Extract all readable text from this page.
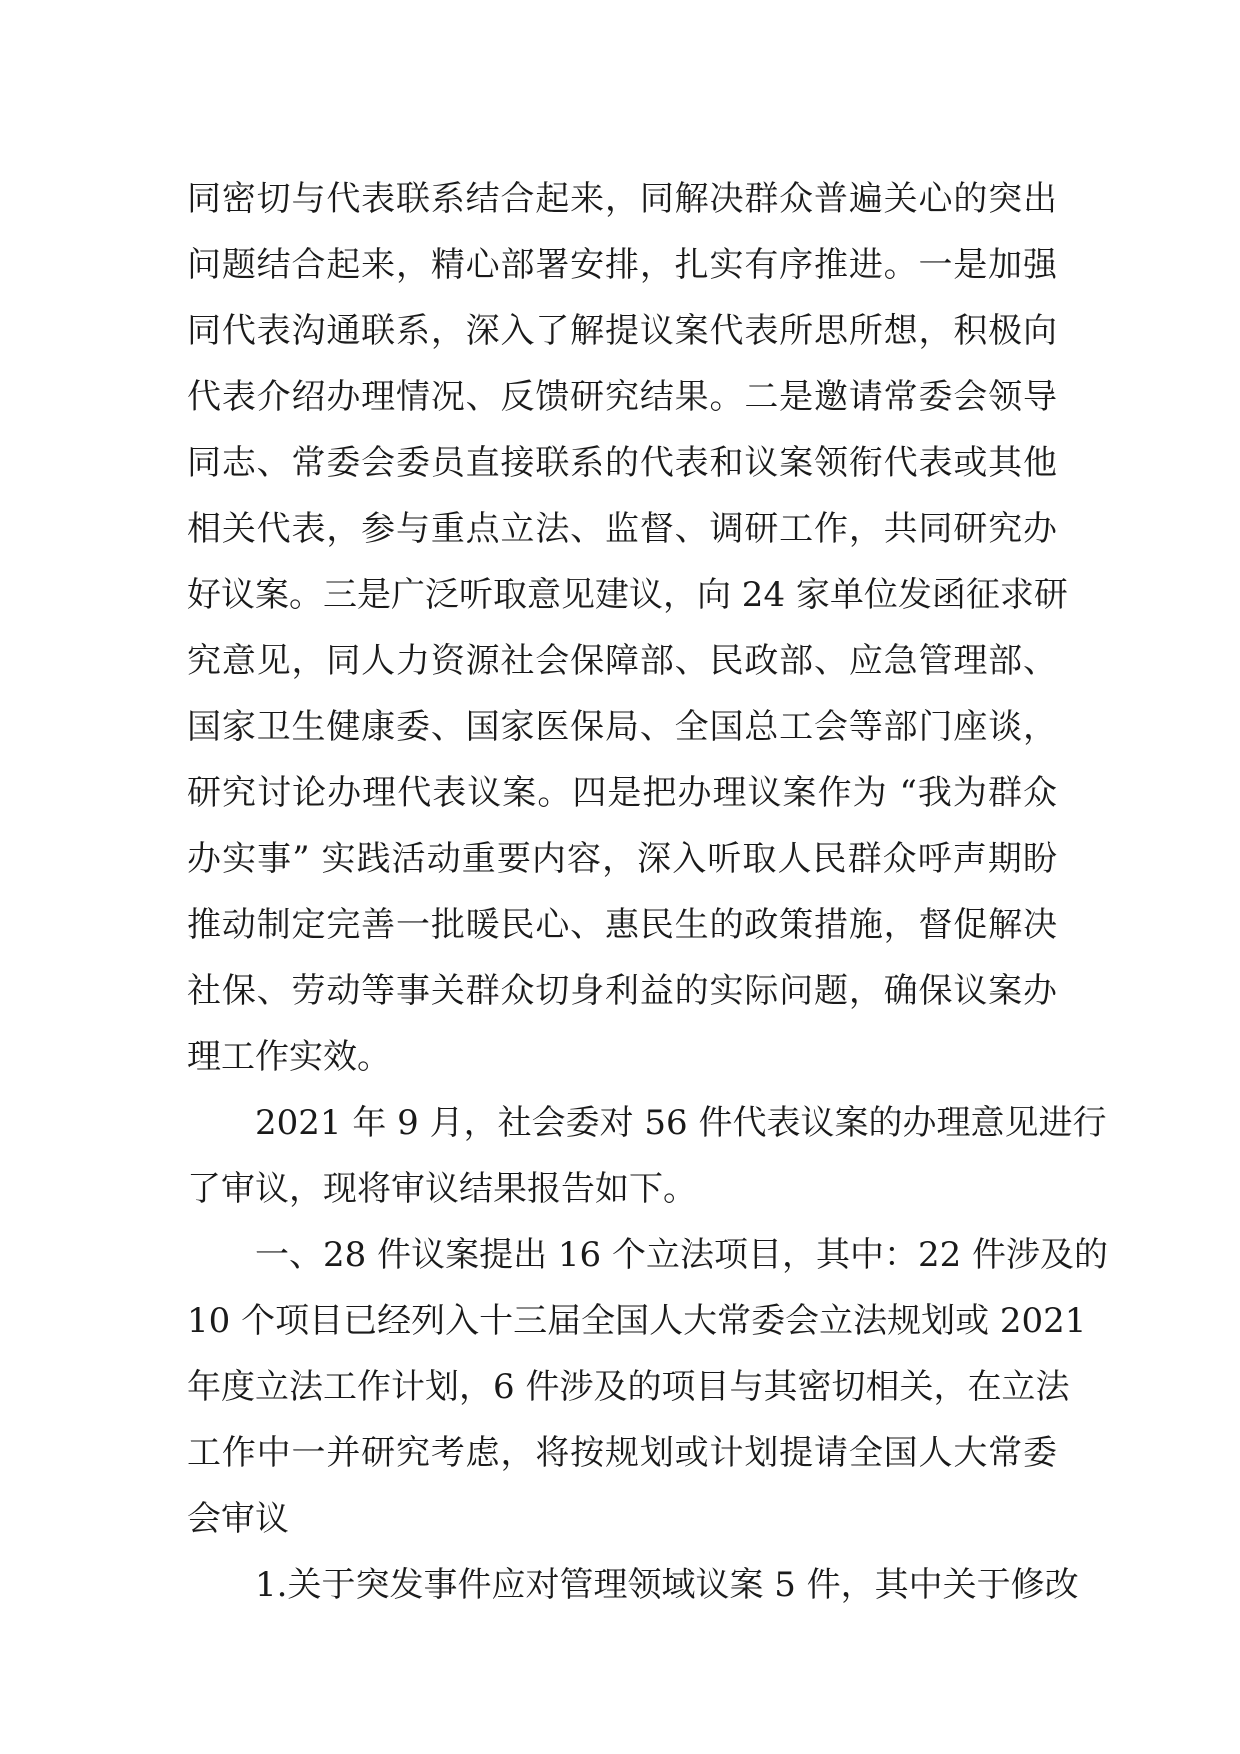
同密切与代表联系结合起来，同解决群众普遍关心的突出
问题结合起来，精心部署安排，扎实有序推进。一是加强
同代表沟通联系，深入了解提议案代表所思所想，积极向
代表介绍办理情况、反馈研究结果。二是邀请常委会领导
同志、常委会委员直接联系的代表和议案领衔代表或其他
相关代表，参与重点立法、监督、调研工作，共同研究办
好议案。三是广泛听取意见建议，向 24 家单位发函征求研
究意见，同人力资源社会保障部、民政部、应急管理部、
国家卫生健康委、国家医保局、全国总工会等部门座谈，
研究讨论办理代表议案。四是把办理议案作为 “我为群众
办实事” 实践活动重要内容，深入听取人民群众呼声期盼
推动制定完善一批暖民心、惠民生的政策措施，督促解决
社保、劳动等事关群众切身利益的实际问题，确保议案办
理工作实效。
　　2021 年 9 月，社会委对 56 件代表议案的办理意见进行
了审议，现将审议结果报告如下。
　　一、28 件议案提出 16 个立法项目，其中：22 件涉及的
10 个项目已经列入十三届全国人大常委会立法规划或 2021
年度立法工作计划，6 件涉及的项目与其密切相关，在立法
工作中一并研究考虑，将按规划或计划提请全国人大常委
会审议
　　1.关于突发事件应对管理领域议案 5 件，其中关于修改
